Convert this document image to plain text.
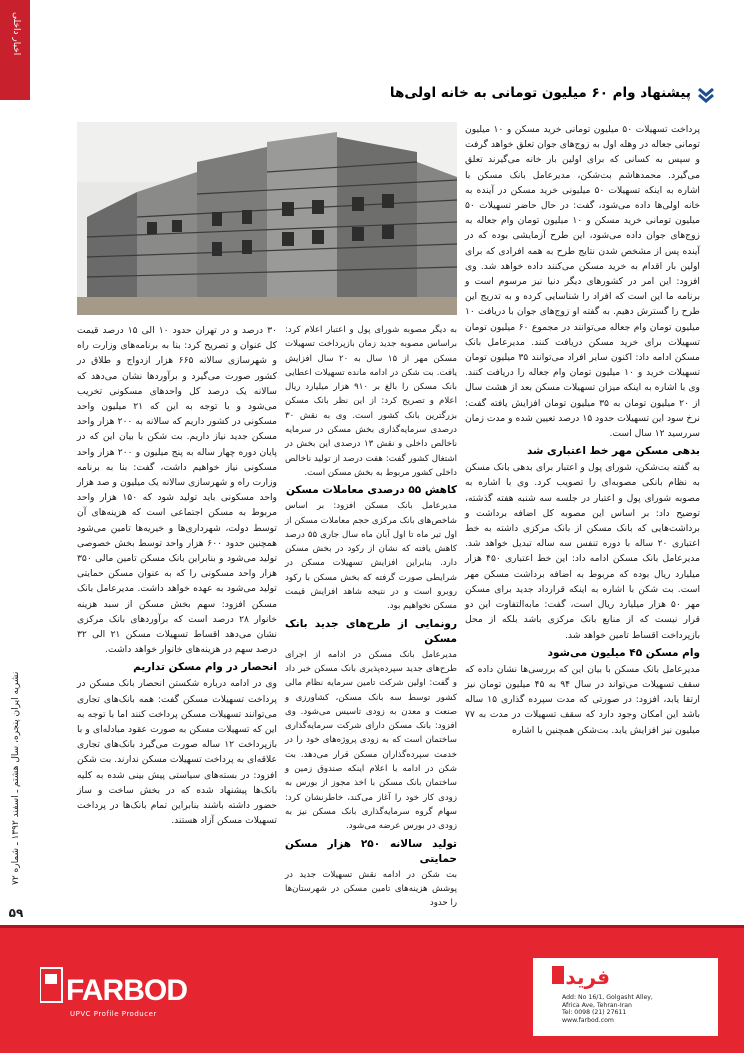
اخبار داخلی
نشریه ایران پنجره، سال هشتم ـ اسفند ۱۳۹۲ ـ شماره ۷۲
۵۹
پیشنهاد وام ۶۰ میلیون تومانی به خانه اولی‌ها

پرداخت تسهیلات ۵۰ میلیون تومانی خرید مسکن و ۱۰ میلیون تومانی جعاله در وهله اول به زوج‌های جوان تعلق خواهد گرفت و سپس به کسانی که برای اولین بار خانه می‌گیرند تعلق می‌گیرد. محمدهاشم بت‌شکن، مدیرعامل بانک مسکن با اشاره به اینکه تسهیلات ۵۰ میلیونی خرید مسکن در آینده به خانه اولی‌ها داده می‌شود، گفت: در حال حاضر تسهیلات ۵۰ میلیون تومانی خرید مسکن و ۱۰ میلیون تومان وام جعاله به زوج‌های جوان داده می‌شود، این طرح آزمایشی بوده که در آینده پس از مشخص شدن نتایج طرح به همه افرادی که برای اولین بار اقدام به خرید مسکن می‌کنند داده خواهد شد. وی افزود: این امر در کشورهای دیگر دنیا نیز مرسوم است و برنامه ما این است که افراد را شناسایی کرده و به تدریج این طرح را گسترش دهیم. به گفته او زوج‌های جوان با دریافت ۱۰ میلیون تومان وام جعاله می‌توانند در مجموع ۶۰ میلیون تومان تسهیلات برای خرید مسکن دریافت کنند. مدیرعامل بانک مسکن ادامه داد: اکنون سایر افراد می‌توانند ۳۵ میلیون تومان تسهیلات خرید و ۱۰ میلیون تومان وام جعاله را دریافت کنند. وی با اشاره به اینکه میزان تسهیلات مسکن بعد از هشت سال از ۲۰ میلیون تومان به ۳۵ میلیون تومان افزایش یافته گفت: نرخ سود این تسهیلات حدود ۱۵ درصد تعیین شده و مدت زمان سررسید ۱۲ سال است.

بدهی مسکن مهر خط اعتباری شد

به گفته بت‌شکن، شورای پول و اعتبار برای بدهی بانک مسکن به نظام بانکی مصوبه‌ای را تصویب کرد. وی با اشاره به مصوبه شورای پول و اعتبار در جلسه سه شنبه هفته گذشته، توضیح داد: بر اساس این مصوبه کل اضافه برداشت و برداشت‌هایی که بانک مسکن از بانک مرکزی داشته به خط اعتباری ۲۰ ساله با دوره تنفس سه ساله تبدیل خواهد شد. مدیرعامل بانک مسکن ادامه داد: این خط اعتباری ۴۵۰ هزار میلیارد ریال بوده که مربوط به اضافه برداشت مسکن مهر است. بت شکن با اشاره به اینکه قرارداد جدید برای مسکن مهر ۵۰ هزار میلیارد ریال است، گفت: مابه‌التفاوت این دو قرار نیست که از منابع بانک مرکزی باشد بلکه از محل بازپرداخت اقساط تامین خواهد شد.

وام مسکن ۴۵ میلیون می‌شود

مدیرعامل بانک مسکن با بیان این که بررسی‌ها نشان داده که سقف تسهیلات می‌تواند در سال ۹۴ به ۴۵ میلیون تومان نیز ارتقا یابد، افزود: در صورتی که مدت سپرده گذاری ۱۵ ساله باشد این امکان وجود دارد که سقف تسهیلات در مدت به ۷۷ میلیون نیز افزایش یابد. بت‌شکن همچنین با اشاره

به دیگر مصوبه شورای پول و اعتبار اعلام کرد: براساس مصوبه جدید زمان بازپرداخت تسهیلات مسکن مهر از ۱۵ سال به ۲۰ سال افزایش یافت. بت شکن در ادامه مانده تسهیلات اعطایی بانک مسکن را بالغ بر ۹۱۰ هزار میلیارد ریال اعلام و تصریح کرد: از این نظر بانک مسکن بزرگترین بانک کشور است. وی به نقش ۳۰ درصدی سرمایه‌گذاری بخش مسکن در سرمایه ناخالص داخلی و نقش ۱۳ درصدی این بخش در اشتغال کشور گفت: هفت درصد از تولید ناخالص داخلی کشور مربوط به بخش مسکن است.

کاهش ۵۵ درصدی معاملات مسکن

مدیرعامل بانک مسکن افزود: بر اساس شاخص‌های بانک مرکزی حجم معاملات مسکن از اول تیر ماه تا اول آبان ماه سال جاری ۵۵ درصد کاهش یافته که نشان از رکود در بخش مسکن دارد. بنابراین افزایش تسهیلات مسکن در شرایطی صورت گرفته که بخش مسکن با رکود روبرو است و در نتیجه شاهد افزایش قیمت مسکن نخواهیم بود.

رونمایی از طرح‌های جدید بانک مسکن

مدیرعامل بانک مسکن در ادامه از اجرای طرح‌های جدید سپرده‌پذیری بانک مسکن خبر داد و گفت: اولین شرکت تامین سرمایه نظام مالی کشور توسط سه بانک مسکن، کشاورزی و صنعت و معدن به زودی تاسیس می‌شود. وی افزود: بانک مسکن دارای شرکت سرمایه‌گذاری ساختمان است که به زودی پروژه‌های خود را در خدمت سپرده‌گذاران مسکن قرار می‌دهد. بت شکن در ادامه با اعلام اینکه صندوق زمین و ساختمان بانک مسکن با اخذ مجوز از بورس به زودی کار خود را آغاز می‌کند، خاطرنشان کرد: سهام گروه سرمایه‌گذاری بانک مسکن نیز به زودی در بورس عرضه می‌شود.

تولید سالانه ۲۵۰ هزار مسکن حمایتی

بت شکن در ادامه نقش تسهیلات جدید در پوشش هزینه‌های تامین مسکن در شهرستان‌ها را حدود

۳۰ درصد و در تهران حدود ۱۰ الی ۱۵ درصد قیمت کل عنوان و تصریح کرد: بنا به برنامه‌های وزارت راه و شهرسازی سالانه ۶۶۵ هزار ازدواج و طلاق در کشور صورت می‌گیرد و برآوردها نشان می‌دهد که سالانه یک درصد کل واحدهای مسکونی تخریب می‌شود و با توجه به این که ۲۱ میلیون واحد مسکونی در کشور داریم که سالانه به ۲۰۰ هزار واحد مسکن جدید نیاز داریم. بت شکن با بیان این که در پایان دوره چهار ساله به پنج میلیون و ۲۰۰ هزار واحد مسکونی نیاز خواهیم داشت، گفت: بنا به برنامه وزارت راه و شهرسازی سالانه یک میلیون و صد هزار واحد مسکونی باید تولید شود که ۱۵۰ هزار واحد مربوط به مسکن اجتماعی است که هزینه‌های آن توسط دولت، شهرداری‌ها و خیریه‌ها تامین می‌شود همچنین حدود ۶۰۰ هزار واحد توسط بخش خصوصی تولید می‌شود و بنابراین بانک مسکن تامین مالی ۳۵۰ هزار واحد مسکونی را که به عنوان مسکن حمایتی تولید می‌شود به عهده خواهد داشت. مدیرعامل بانک مسکن افزود: سهم بخش مسکن از سبد هزینه خانوار ۲۸ درصد است که برآوردهای بانک مرکزی نشان می‌دهد اقساط تسهیلات مسکن ۲۱ الی ۳۲ درصد سهم در هزینه‌های خانوار خواهد داشت.

انحصار در وام مسکن تداریم

وی در ادامه درباره شکستن انحصار بانک مسکن در پرداخت تسهیلات مسکن گفت: همه بانک‌های تجاری می‌توانند تسهیلات مسکن پرداخت کنند اما با توجه به این که تسهیلات مسکن به صورت عقود مبادله‌ای و با بازپرداخت ۱۲ ساله صورت می‌گیرد بانک‌های تجاری علاقه‌ای به پرداخت تسهیلات مسکن ندارند. بت شکن افزود: در بسته‌های سیاستی پیش بینی شده به کلیه بانک‌ها پیشنهاد شده که در بخش ساخت و ساز حضور داشته باشند بنابراین تمام بانک‌ها در پرداخت تسهیلات مسکن آزاد هستند.

FARBOD
UPVC Profile Producer
فرید
Add: No 16/1, Golgasht Alley,
Africa Ave, Tehran-Iran
Tel: 0098 (21) 27611
www.farbod.com
